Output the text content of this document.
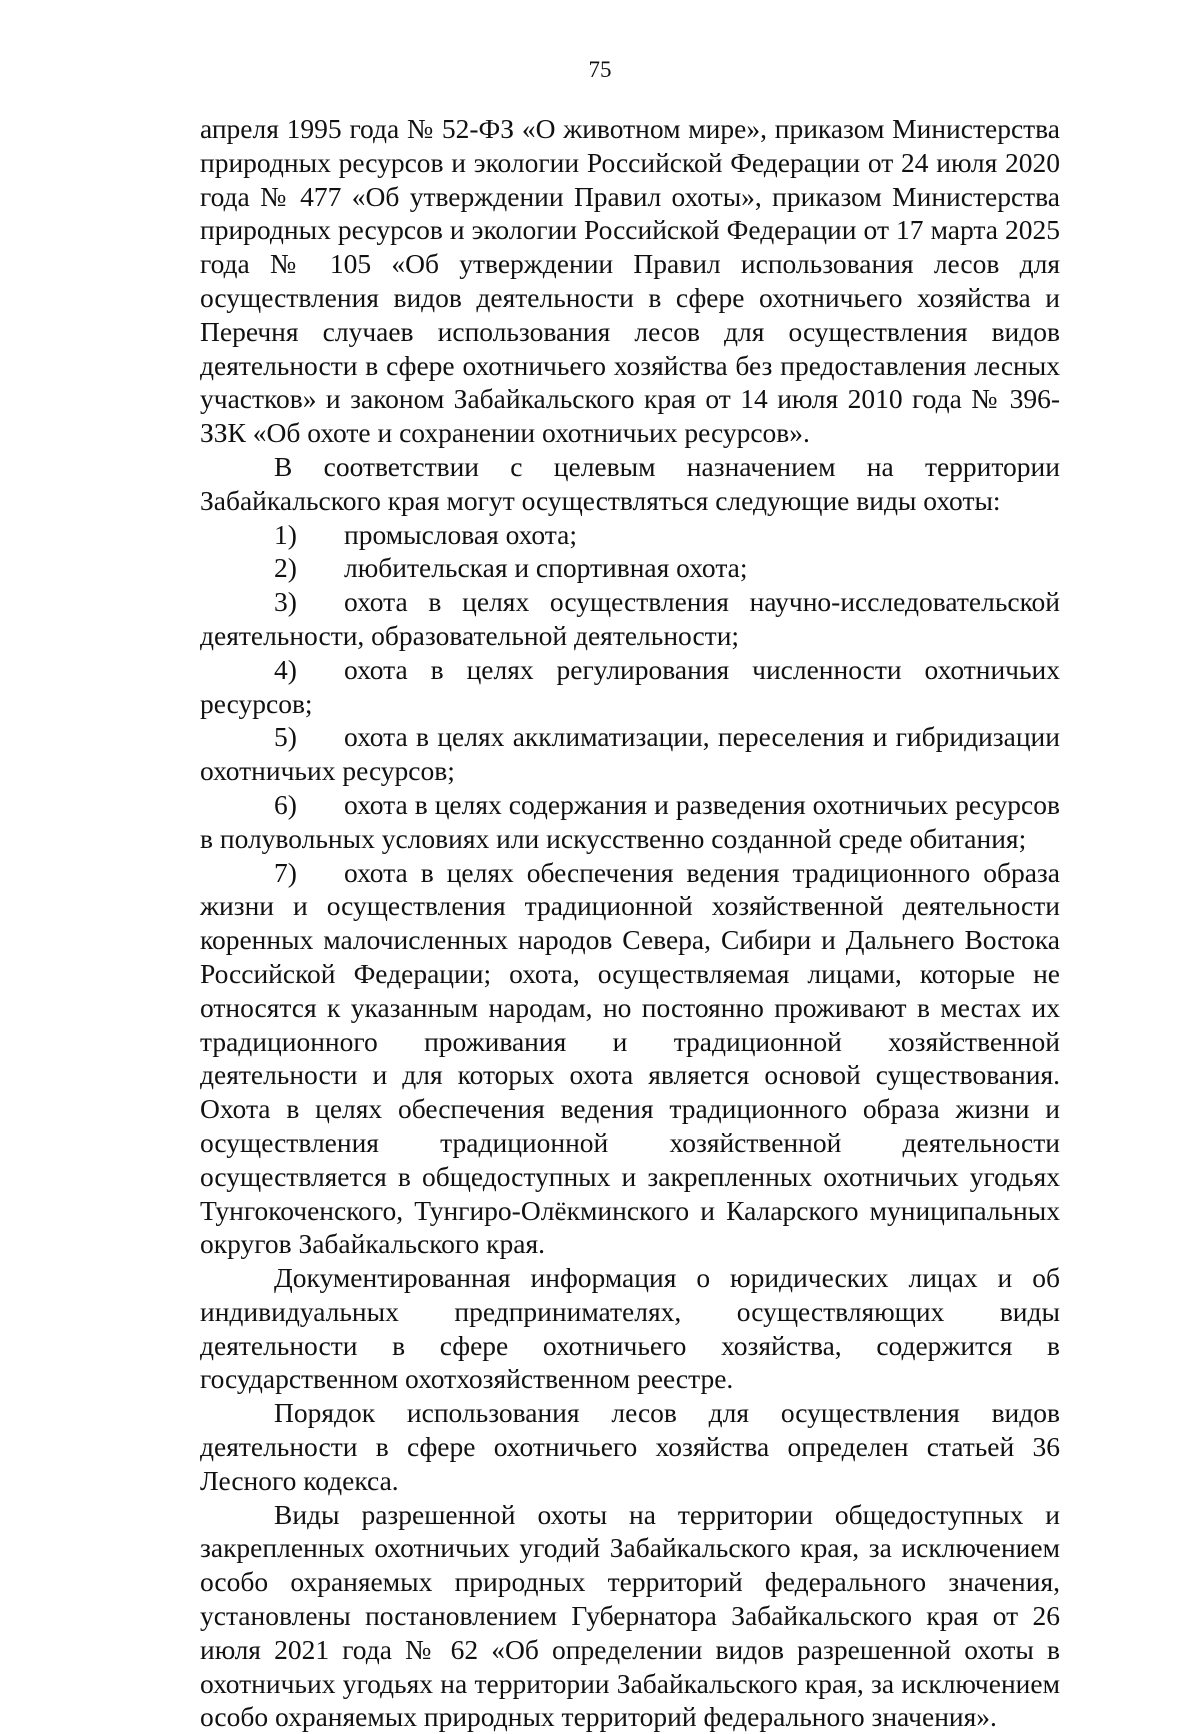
75

апреля 1995 года № 52-ФЗ «О животном мире», приказом Министерства природных ресурсов и экологии Российской Федерации от 24 июля 2020 года № 477 «Об утверждении Правил охоты», приказом Министерства природных ресурсов и экологии Российской Федерации от 17 марта 2025 года № 105 «Об утверждении Правил использования лесов для осуществления видов деятельности в сфере охотничьего хозяйства и Перечня случаев использования лесов для осуществления видов деятельности в сфере охотничьего хозяйства без предоставления лесных участков» и законом Забайкальского края от 14 июля 2010 года № 396-ЗЗК «Об охоте и сохранении охотничьих ресурсов».

В соответствии с целевым назначением на территории Забайкальского края могут осуществляться следующие виды охоты:

1) промысловая охота;

2) любительская и спортивная охота;

3) охота в целях осуществления научно-исследовательской деятельности, образовательной деятельности;

4) охота в целях регулирования численности охотничьих ресурсов;

5) охота в целях акклиматизации, переселения и гибридизации охотничьих ресурсов;

6) охота в целях содержания и разведения охотничьих ресурсов в полувольных условиях или искусственно созданной среде обитания;

7) охота в целях обеспечения ведения традиционного образа жизни и осуществления традиционной хозяйственной деятельности коренных малочисленных народов Севера, Сибири и Дальнего Востока Российской Федерации; охота, осуществляемая лицами, которые не относятся к указанным народам, но постоянно проживают в местах их традиционного проживания и традиционной хозяйственной деятельности и для которых охота является основой существования. Охота в целях обеспечения ведения традиционного образа жизни и осуществления традиционной хозяйственной деятельности осуществляется в общедоступных и закрепленных охотничьих угодьях Тунгокоченского, Тунгиро-Олёкминского и Каларского муниципальных округов Забайкальского края.

Документированная информация о юридических лицах и об индивидуальных предпринимателях, осуществляющих виды деятельности в сфере охотничьего хозяйства, содержится в государственном охотхозяйственном реестре.

Порядок использования лесов для осуществления видов деятельности в сфере охотничьего хозяйства определен статьей 36 Лесного кодекса.

Виды разрешенной охоты на территории общедоступных и закрепленных охотничьих угодий Забайкальского края, за исключением особо охраняемых природных территорий федерального значения, установлены постановлением Губернатора Забайкальского края от 26 июля 2021 года № 62 «Об определении видов разрешенной охоты в охотничьих угодьях на территории Забайкальского края, за исключением особо охраняемых природных территорий федерального значения».
